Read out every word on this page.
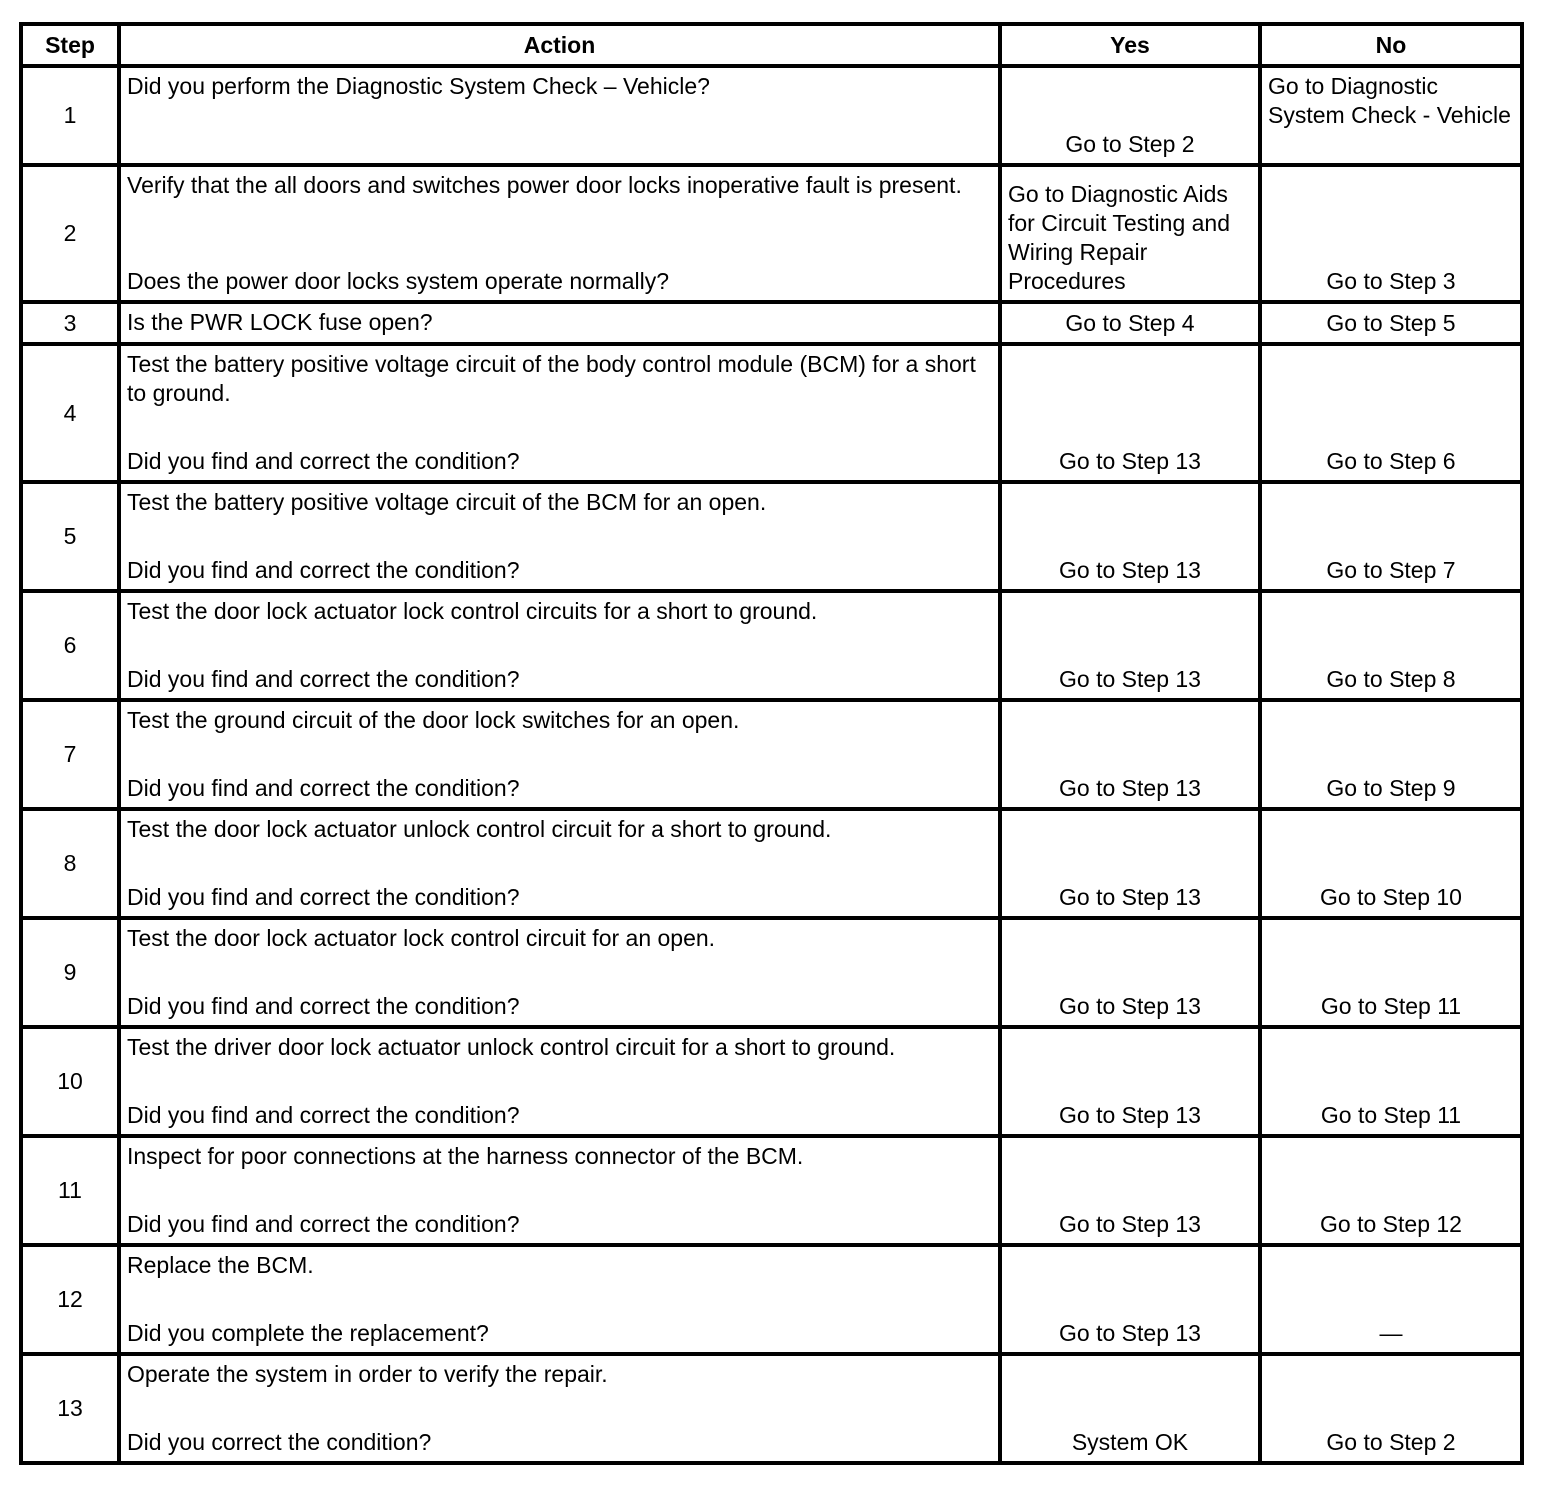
Step	Action	Yes	No
1	Did you perform the Diagnostic System Check – Vehicle?	Go to Step 2	Go to Diagnostic System Check - Vehicle
2	Verify that the all doors and switches power door locks inoperative fault is present.
Does the power door locks system operate normally?	Go to Diagnostic Aids for Circuit Testing and Wiring Repair Procedures	Go to Step 3
3	Is the PWR LOCK fuse open?	Go to Step 4	Go to Step 5
4	Test the battery positive voltage circuit of the body control module (BCM) for a short to ground.
Did you find and correct the condition?	Go to Step 13	Go to Step 6
5	Test the battery positive voltage circuit of the BCM for an open.
Did you find and correct the condition?	Go to Step 13	Go to Step 7
6	Test the door lock actuator lock control circuits for a short to ground.
Did you find and correct the condition?	Go to Step 13	Go to Step 8
7	Test the ground circuit of the door lock switches for an open.
Did you find and correct the condition?	Go to Step 13	Go to Step 9
8	Test the door lock actuator unlock control circuit for a short to ground.
Did you find and correct the condition?	Go to Step 13	Go to Step 10
9	Test the door lock actuator lock control circuit for an open.
Did you find and correct the condition?	Go to Step 13	Go to Step 11
10	Test the driver door lock actuator unlock control circuit for a short to ground.
Did you find and correct the condition?	Go to Step 13	Go to Step 11
11	Inspect for poor connections at the harness connector of the BCM.
Did you find and correct the condition?	Go to Step 13	Go to Step 12
12	Replace the BCM.
Did you complete the replacement?	Go to Step 13	—
13	Operate the system in order to verify the repair.
Did you correct the condition?	System OK	Go to Step 2
